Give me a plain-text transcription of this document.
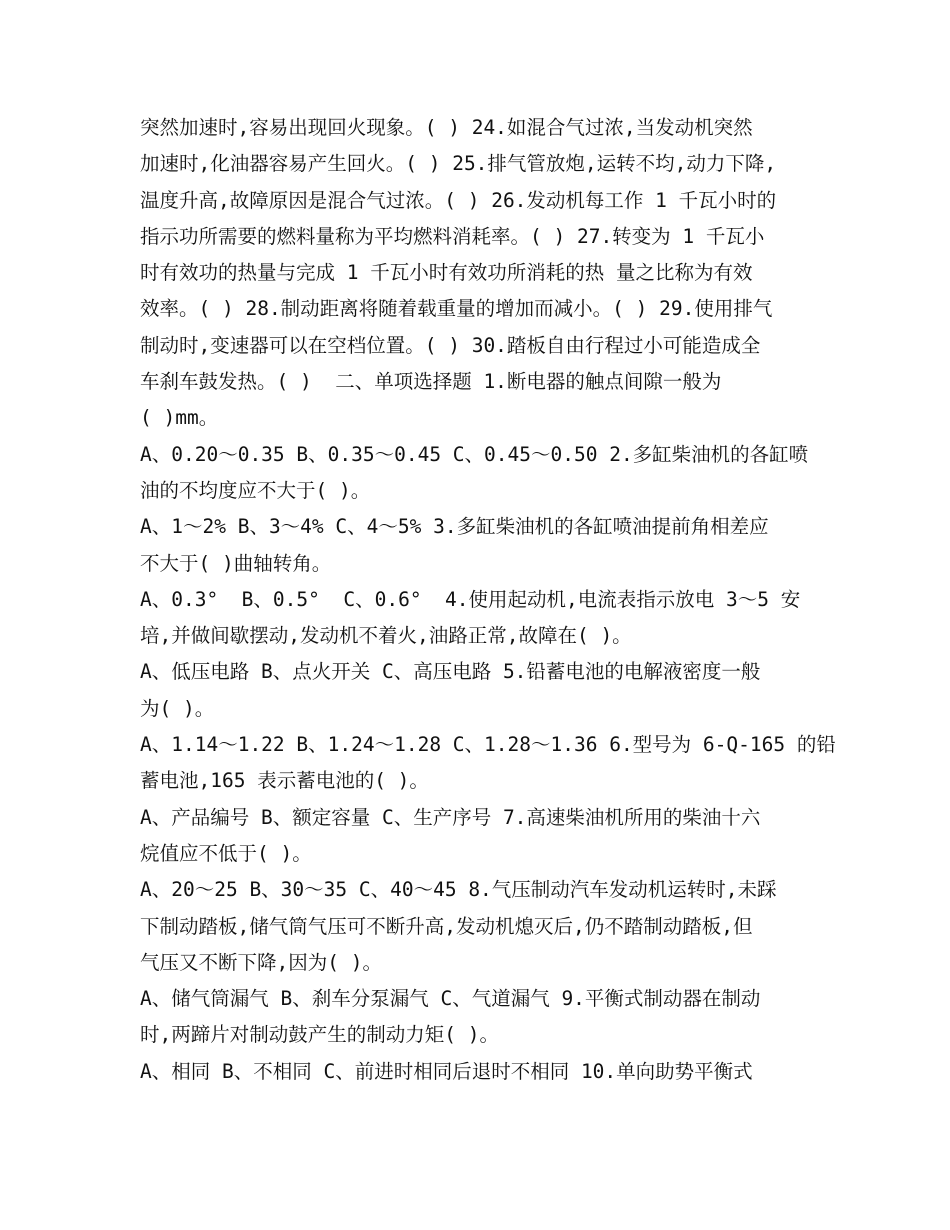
突然加速时,容易出现回火现象。( ) 24.如混合气过浓,当发动机突然
加速时,化油器容易产生回火。( ) 25.排气管放炮,运转不均,动力下降,
温度升高,故障原因是混合气过浓。( ) 26.发动机每工作 1 千瓦小时的
指示功所需要的燃料量称为平均燃料消耗率。( ) 27.转变为 1 千瓦小
时有效功的热量与完成 1 千瓦小时有效功所消耗的热 量之比称为有效
效率。( ) 28.制动距离将随着载重量的增加而减小。( ) 29.使用排气
制动时,变速器可以在空档位置。( ) 30.踏板自由行程过小可能造成全
车刹车鼓发热。( )  二、单项选择题 1.断电器的触点间隙一般为
( )mm。
A、0.20～0.35 B、0.35～0.45 C、0.45～0.50 2.多缸柴油机的各缸喷
油的不均度应不大于( )。
A、1～2% B、3～4% C、4～5% 3.多缸柴油机的各缸喷油提前角相差应
不大于( )曲轴转角。
A、0.3°  B、0.5°  C、0.6°  4.使用起动机,电流表指示放电 3～5 安
培,并做间歇摆动,发动机不着火,油路正常,故障在( )。
A、低压电路 B、点火开关 C、高压电路 5.铅蓄电池的电解液密度一般
为( )。
A、1.14～1.22 B、1.24～1.28 C、1.28～1.36 6.型号为 6-Q-165 的铅
蓄电池,165 表示蓄电池的( )。
A、产品编号 B、额定容量 C、生产序号 7.高速柴油机所用的柴油十六
烷值应不低于( )。
A、20～25 B、30～35 C、40～45 8.气压制动汽车发动机运转时,未踩
下制动踏板,储气筒气压可不断升高,发动机熄灭后,仍不踏制动踏板,但
气压又不断下降,因为( )。
A、储气筒漏气 B、刹车分泵漏气 C、气道漏气 9.平衡式制动器在制动
时,两蹄片对制动鼓产生的制动力矩( )。
A、相同 B、不相同 C、前进时相同后退时不相同 10.单向助势平衡式
